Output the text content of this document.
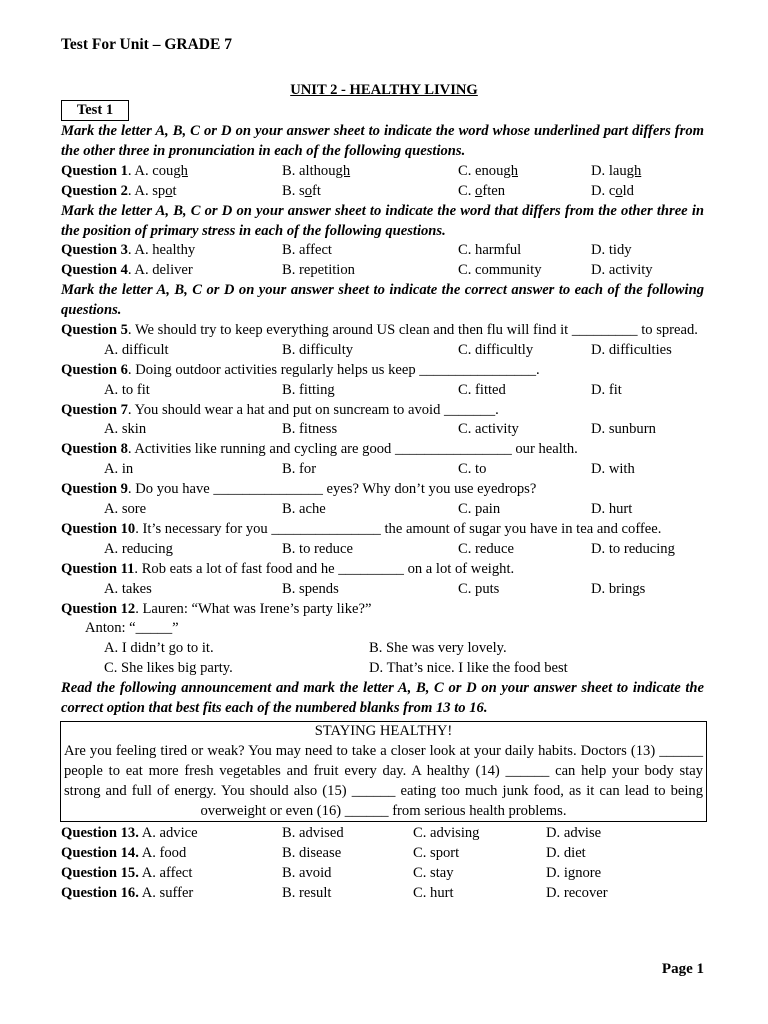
Test For Unit – GRADE 7
UNIT 2 - HEALTHY LIVING
Test 1
Mark the letter A, B, C or D on your answer sheet to indicate the word whose underlined part differs from the other three in pronunciation in each of the following questions.
Question 1. A. cough	B. although	C. enough	D. laugh
Question 2. A. spot	B. soft	C. often	D. cold
Mark the letter A, B, C or D on your answer sheet to indicate the word that differs from the other three in the position of primary stress in each of the following questions.
Question 3. A. healthy	B. affect	C. harmful	D. tidy
Question 4. A. deliver	B. repetition	C. community	D. activity
Mark the letter A, B, C or D on your answer sheet to indicate the correct answer to each of the following questions.
Question 5. We should try to keep everything around US clean and then flu will find it _________ to spread.
A. difficult	B. difficulty	C. difficultly	D. difficulties
Question 6. Doing outdoor activities regularly helps us keep ________________.
A. to fit	B. fitting	C. fitted	D. fit
Question 7. You should wear a hat and put on suncream to avoid _______.
A. skin	B. fitness	C. activity	D. sunburn
Question 8. Activities like running and cycling are good ________________ our health.
A. in	B. for	C. to	D. with
Question 9. Do you have _______________ eyes? Why don’t you use eyedrops?
A. sore	B. ache	C. pain	D. hurt
Question 10. It’s necessary for you _______________ the amount of sugar you have in tea and coffee.
A. reducing	B. to reduce	C. reduce	D. to reducing
Question 11. Rob eats a lot of fast food and he _________ on a lot of weight.
A. takes	B. spends	C. puts	D. brings
Question 12. Lauren: “What was Irene’s party like?”
Anton: “_____”
A. I didn’t go to it.	B. She was very lovely.
C. She likes big party.	D. That’s nice. I like the food best
Read the following announcement and mark the letter A, B, C or D on your answer sheet to indicate the correct option that best fits each of the numbered blanks from 13 to 16.
STAYING HEALTHY!
Are you feeling tired or weak? You may need to take a closer look at your daily habits. Doctors (13) ______ people to eat more fresh vegetables and fruit every day. A healthy (14) ______ can help your body stay strong and full of energy. You should also (15) ______ eating too much junk food, as it can lead to being overweight or even (16) ______ from serious health problems.
Question 13. A. advice	B. advised	C. advising	D. advise
Question 14. A. food	B. disease	C. sport	D. diet
Question 15. A. affect	B. avoid	C. stay	D. ignore
Question 16. A. suffer	B. result	C. hurt	D. recover
Page 1
